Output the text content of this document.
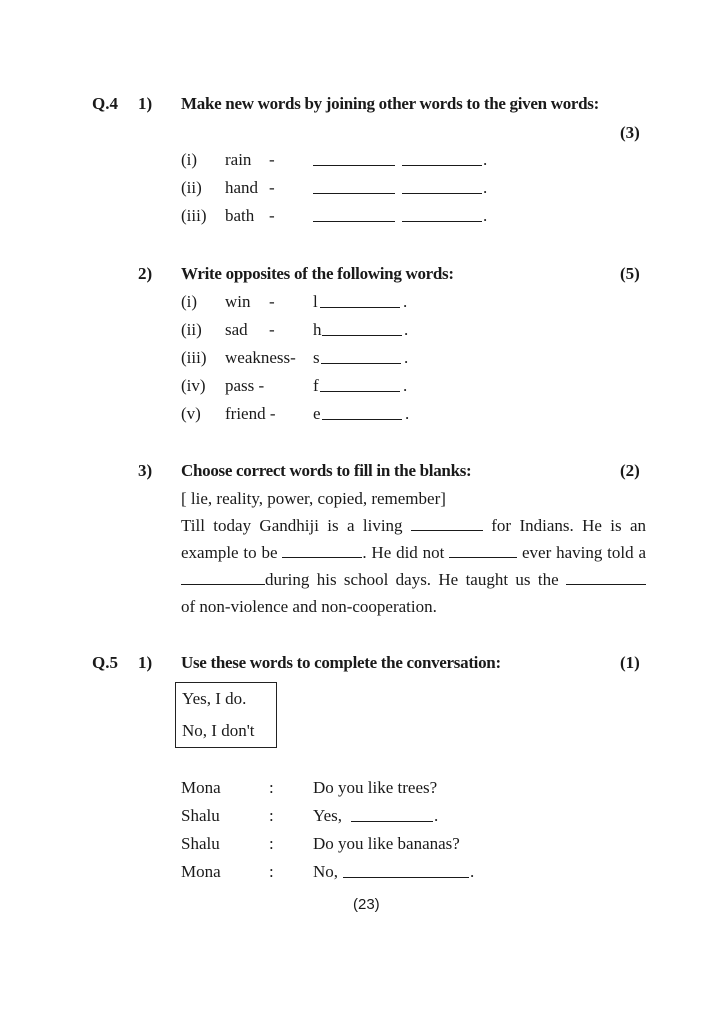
Q.4 1) Make new words by joining other words to the given words:
(3)
(i) rain -	.
(ii) hand -	.
(iii) bath -	.
2) Write opposites of the following words:	(5)
(i) win - l	.
(ii) sad - h	.
(iii) weakness- s	.
(iv) pass -	f	.
(v) friend - e	.
3) Choose correct words to fill in the blanks:	(2)
[ lie, reality, power, copied, remember]
Till today Gandhiji is a living	for Indians. He is an
example to be	. He did not	ever having told a
during his school days. He taught us the
of non-violence and non-cooperation.
Q.5 1) Use these words to complete the conversation:	(1)
Yes, I do.
No, I don't
Mona	: Do you like trees?
Shalu	: Yes,	.
Shalu	: Do you like bananas?
Mona	: No,	.
(23)
